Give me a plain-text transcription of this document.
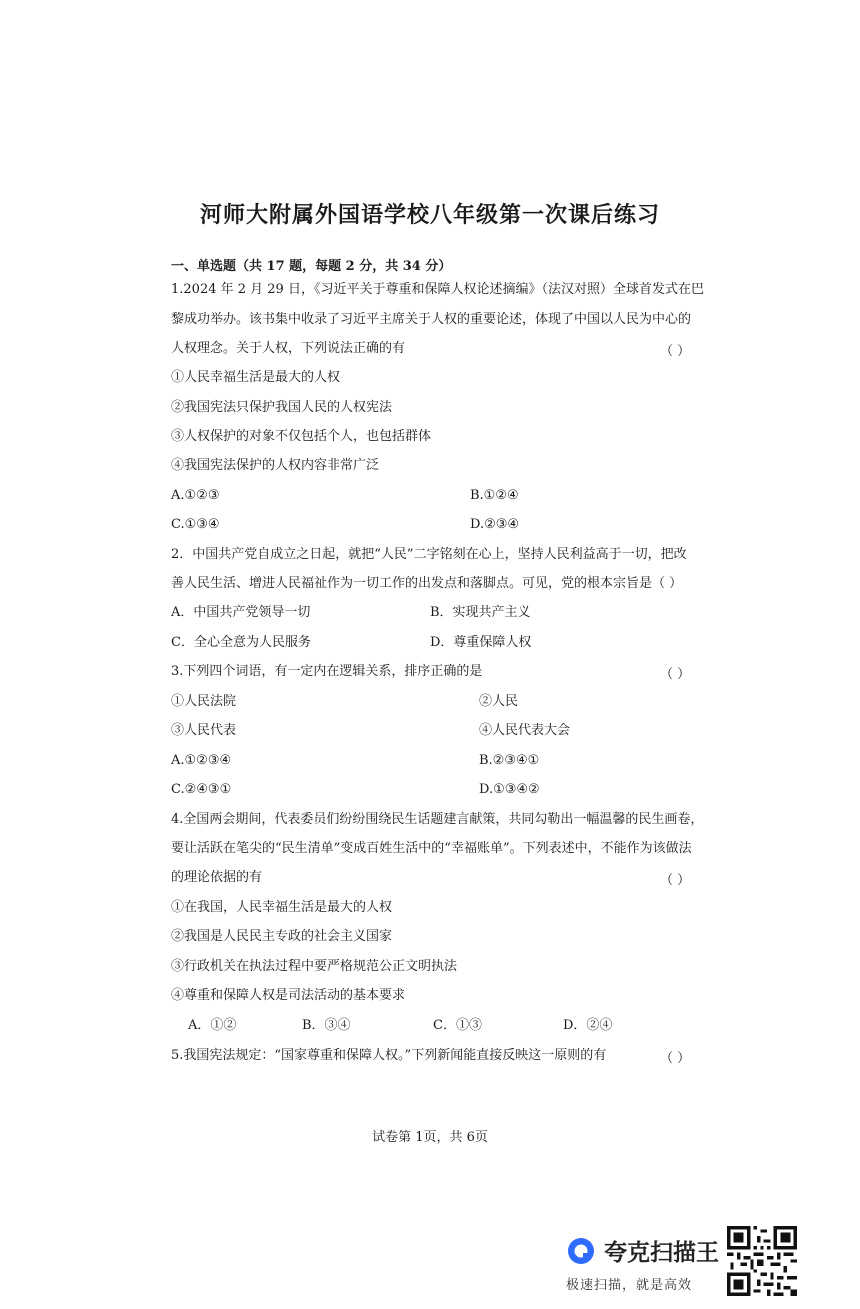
河师大附属外国语学校八年级第一次课后练习
一、单选题（共 17 题，每题 2 分，共 34 分）
1.2024 年 2 月 29 日，《习近平关于尊重和保障人权论述摘编》（法汉对照）全球首发式在巴
黎成功举办。该书集中收录了习近平主席关于人权的重要论述，体现了中国以人民为中心的
人权理念。关于人权，下列说法正确的有	（ ）
①人民幸福生活是最大的人权
②我国宪法只保护我国人民的人权宪法
③人权保护的对象不仅包括个人，也包括群体
④我国宪法保护的人权内容非常广泛
A.①②③	B.①②④
C.①③④	D.②③④
2．中国共产党自成立之日起，就把“人民”二字铭刻在心上，坚持人民利益高于一切，把改
善人民生活、增进人民福祉作为一切工作的出发点和落脚点。可见，党的根本宗旨是（ ）
A．中国共产党领导一切	B．实现共产主义
C．全心全意为人民服务	D．尊重保障人权
3.下列四个词语，有一定内在逻辑关系，排序正确的是	（ ）
①人民法院	②人民
③人民代表	④人民代表大会
A.①②③④	B.②③④①
C.②④③①	D.①③④②
4.全国两会期间，代表委员们纷纷围绕民生话题建言献策，共同勾勒出一幅温馨的民生画卷，
要让活跃在笔尖的“民生清单”变成百姓生活中的“幸福账单”。下列表述中，不能作为该做法
的理论依据的有	（ ）
①在我国，人民幸福生活是最大的人权
②我国是人民民主专政的社会主义国家
③行政机关在执法过程中要严格规范公正文明执法
④尊重和保障人权是司法活动的基本要求
A．①②	B．③④	C．①③	D．②④
5.我国宪法规定：“国家尊重和保障人权。”下列新闻能直接反映这一原则的有	（ ）
试卷第 1页，共 6页
夸克扫描王
极速扫描，就是高效
